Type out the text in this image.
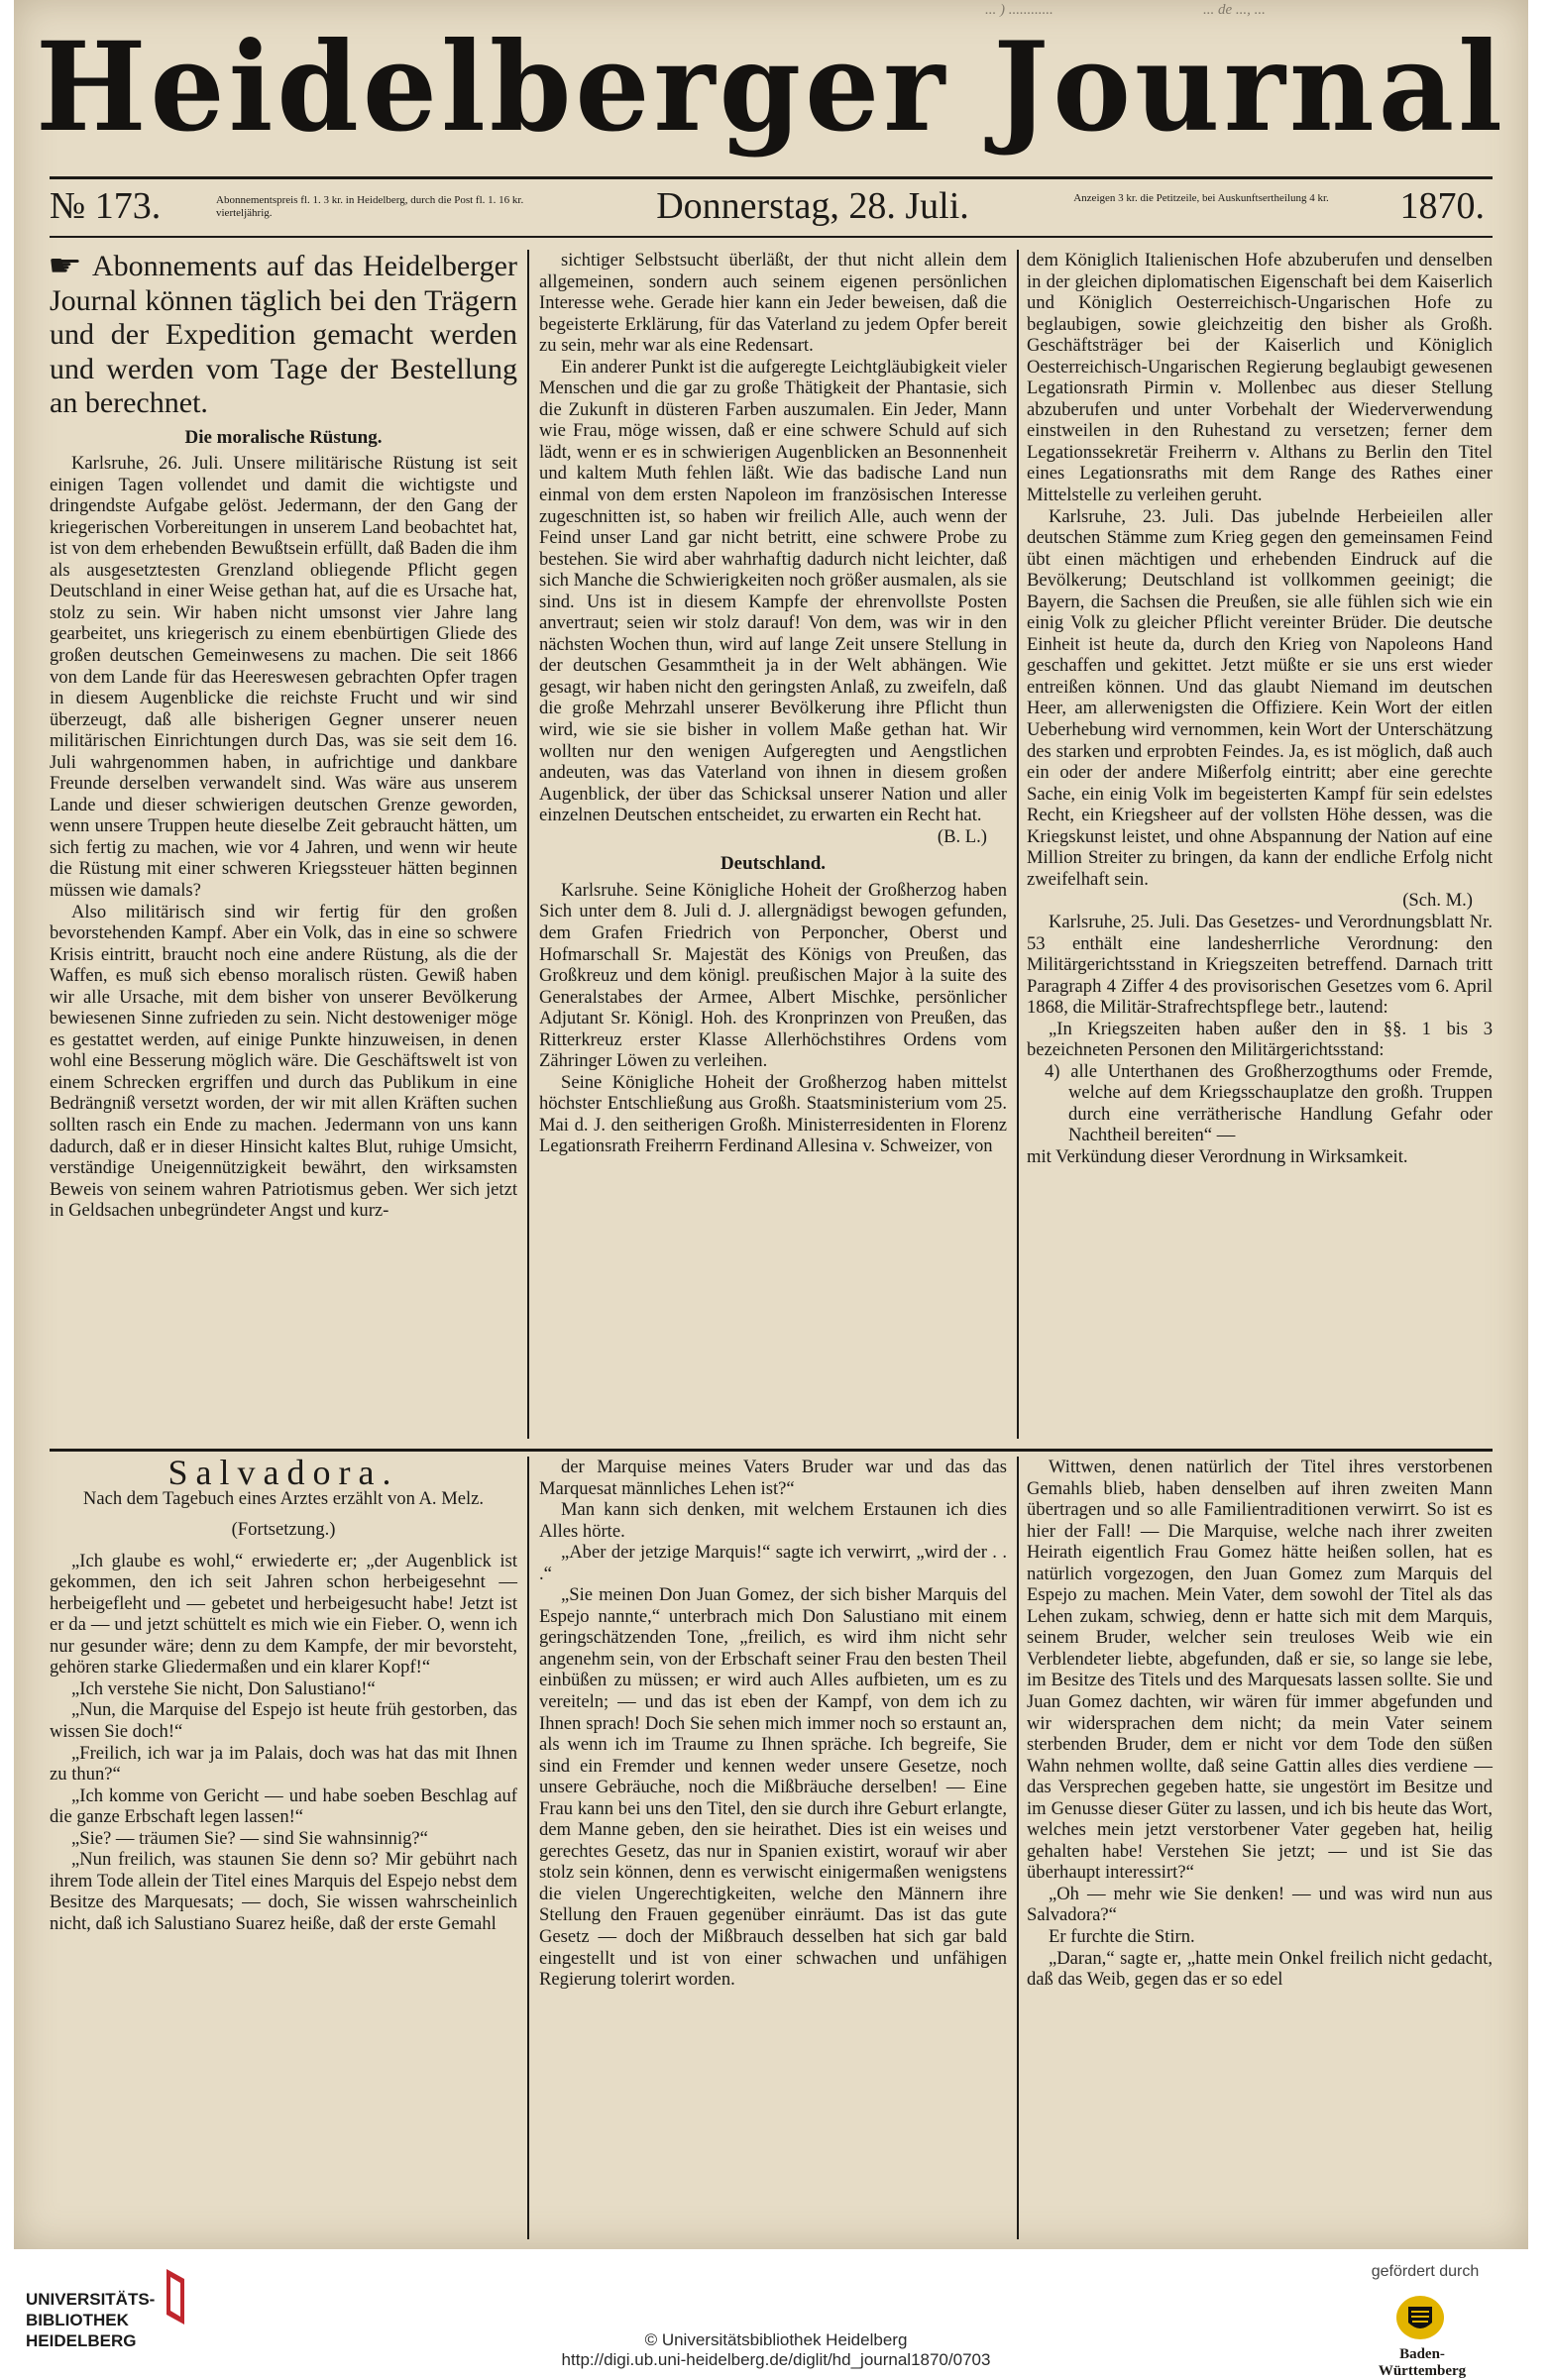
... ) ............	... de ..., ...
Heidelberger Journal
№ 173.	Abonnementspreis fl. 1. 3 kr. in Heidelberg, durch die Post fl. 1. 16 kr. vierteljährig.	Donnerstag, 28. Juli.	Anzeigen 3 kr. die Petitzeile, bei Auskunftsertheilung 4 kr.	1870.

☛ Abonnements auf das Heidelberger Journal können täglich bei den Trägern und der Expedition gemacht werden und werden vom Tage der Bestellung an berechnet.

Die moralische Rüstung.

Karlsruhe, 26. Juli. Unsere militärische Rüstung ist seit einigen Tagen vollendet und damit die wichtigste und dringendste Aufgabe gelöst. Jedermann, der den Gang der kriegerischen Vorbereitungen in unserem Land beobachtet hat, ist von dem erhebenden Bewußtsein erfüllt, daß Baden die ihm als ausgesetztesten Grenzland obliegende Pflicht gegen Deutschland in einer Weise gethan hat, auf die es Ursache hat, stolz zu sein. Wir haben nicht umsonst vier Jahre lang gearbeitet, uns kriegerisch zu einem ebenbürtigen Gliede des großen deutschen Gemeinwesens zu machen. Die seit 1866 von dem Lande für das Heereswesen gebrachten Opfer tragen in diesem Augenblicke die reichste Frucht und wir sind überzeugt, daß alle bisherigen Gegner unserer neuen militärischen Einrichtungen durch Das, was sie seit dem 16. Juli wahrgenommen haben, in aufrichtige und dankbare Freunde derselben verwandelt sind. Was wäre aus unserem Lande und dieser schwierigen deutschen Grenze geworden, wenn unsere Truppen heute dieselbe Zeit gebraucht hätten, um sich fertig zu machen, wie vor 4 Jahren, und wenn wir heute die Rüstung mit einer schweren Kriegssteuer hätten beginnen müssen wie damals?

Also militärisch sind wir fertig für den großen bevorstehenden Kampf. Aber ein Volk, das in eine so schwere Krisis eintritt, braucht noch eine andere Rüstung, als die der Waffen, es muß sich ebenso moralisch rüsten. Gewiß haben wir alle Ursache, mit dem bisher von unserer Bevölkerung bewiesenen Sinne zufrieden zu sein. Nicht destoweniger möge es gestattet werden, auf einige Punkte hinzuweisen, in denen wohl eine Besserung möglich wäre. Die Geschäftswelt ist von einem Schrecken ergriffen und durch das Publikum in eine Bedrängniß versetzt worden, der wir mit allen Kräften suchen sollten rasch ein Ende zu machen. Jedermann von uns kann dadurch, daß er in dieser Hinsicht kaltes Blut, ruhige Umsicht, verständige Uneigennützigkeit bewährt, den wirksamsten Beweis von seinem wahren Patriotismus geben. Wer sich jetzt in Geldsachen unbegründeter Angst und kurz-

sichtiger Selbstsucht überläßt, der thut nicht allein dem allgemeinen, sondern auch seinem eigenen persönlichen Interesse wehe. Gerade hier kann ein Jeder beweisen, daß die begeisterte Erklärung, für das Vaterland zu jedem Opfer bereit zu sein, mehr war als eine Redensart.

Ein anderer Punkt ist die aufgeregte Leichtgläubigkeit vieler Menschen und die gar zu große Thätigkeit der Phantasie, sich die Zukunft in düsteren Farben auszumalen. Ein Jeder, Mann wie Frau, möge wissen, daß er eine schwere Schuld auf sich lädt, wenn er es in schwierigen Augenblicken an Besonnenheit und kaltem Muth fehlen läßt. Wie das badische Land nun einmal von dem ersten Napoleon im französischen Interesse zugeschnitten ist, so haben wir freilich Alle, auch wenn der Feind unser Land gar nicht betritt, eine schwere Probe zu bestehen. Sie wird aber wahrhaftig dadurch nicht leichter, daß sich Manche die Schwierigkeiten noch größer ausmalen, als sie sind. Uns ist in diesem Kampfe der ehrenvollste Posten anvertraut; seien wir stolz darauf! Von dem, was wir in den nächsten Wochen thun, wird auf lange Zeit unsere Stellung in der deutschen Gesammtheit ja in der Welt abhängen. Wie gesagt, wir haben nicht den geringsten Anlaß, zu zweifeln, daß die große Mehrzahl unserer Bevölkerung ihre Pflicht thun wird, wie sie sie bisher in vollem Maße gethan hat. Wir wollten nur den wenigen Aufgeregten und Aengstlichen andeuten, was das Vaterland von ihnen in diesem großen Augenblick, der über das Schicksal unserer Nation und aller einzelnen Deutschen entscheidet, zu erwarten ein Recht hat.

(B. L.)

Deutschland.

Karlsruhe. Seine Königliche Hoheit der Großherzog haben Sich unter dem 8. Juli d. J. allergnädigst bewogen gefunden, dem Grafen Friedrich von Perponcher, Oberst und Hofmarschall Sr. Majestät des Königs von Preußen, das Großkreuz und dem königl. preußischen Major à la suite des Generalstabes der Armee, Albert Mischke, persönlicher Adjutant Sr. Königl. Hoh. des Kronprinzen von Preußen, das Ritterkreuz erster Klasse Allerhöchstihres Ordens vom Zähringer Löwen zu verleihen.

Seine Königliche Hoheit der Großherzog haben mittelst höchster Entschließung aus Großh. Staatsministerium vom 25. Mai d. J. den seitherigen Großh. Ministerresidenten in Florenz Legationsrath Freiherrn Ferdinand Allesina v. Schweizer, von

dem Königlich Italienischen Hofe abzuberufen und denselben in der gleichen diplomatischen Eigenschaft bei dem Kaiserlich und Königlich Oesterreichisch-Ungarischen Hofe zu beglaubigen, sowie gleichzeitig den bisher als Großh. Geschäftsträger bei der Kaiserlich und Königlich Oesterreichisch-Ungarischen Regierung beglaubigt gewesenen Legationsrath Pirmin v. Mollenbec aus dieser Stellung abzuberufen und unter Vorbehalt der Wiederverwendung einstweilen in den Ruhestand zu versetzen; ferner dem Legationssekretär Freiherrn v. Althans zu Berlin den Titel eines Legationsraths mit dem Range des Rathes einer Mittelstelle zu verleihen geruht.

Karlsruhe, 23. Juli. Das jubelnde Herbeieilen aller deutschen Stämme zum Krieg gegen den gemeinsamen Feind übt einen mächtigen und erhebenden Eindruck auf die Bevölkerung; Deutschland ist vollkommen geeinigt; die Bayern, die Sachsen die Preußen, sie alle fühlen sich wie ein einig Volk zu gleicher Pflicht vereinter Brüder. Die deutsche Einheit ist heute da, durch den Krieg von Napoleons Hand geschaffen und gekittet. Jetzt müßte er sie uns erst wieder entreißen können. Und das glaubt Niemand im deutschen Heer, am allerwenigsten die Offiziere. Kein Wort der eitlen Ueberhebung wird vernommen, kein Wort der Unterschätzung des starken und erprobten Feindes. Ja, es ist möglich, daß auch ein oder der andere Mißerfolg eintritt; aber eine gerechte Sache, ein einig Volk im begeisterten Kampf für sein edelstes Recht, ein Kriegsheer auf der vollsten Höhe dessen, was die Kriegskunst leistet, und ohne Abspannung der Nation auf eine Million Streiter zu bringen, da kann der endliche Erfolg nicht zweifelhaft sein.

(Sch. M.)

Karlsruhe, 25. Juli. Das Gesetzes- und Verordnungsblatt Nr. 53 enthält eine landesherrliche Verordnung: den Militärgerichtsstand in Kriegszeiten betreffend. Darnach tritt Paragraph 4 Ziffer 4 des provisorischen Gesetzes vom 6. April 1868, die Militär-Strafrechtspflege betr., lautend:

„In Kriegszeiten haben außer den in §§. 1 bis 3 bezeichneten Personen den Militärgerichtsstand:

4) alle Unterthanen des Großherzogthums oder Fremde, welche auf dem Kriegsschauplatze den großh. Truppen durch eine verrätherische Handlung Gefahr oder Nachtheil bereiten“ —

mit Verkündung dieser Verordnung in Wirksamkeit.

Salvadora.
Nach dem Tagebuch eines Arztes erzählt von A. Melz.
(Fortsetzung.)

„Ich glaube es wohl,“ erwiederte er; „der Augenblick ist gekommen, den ich seit Jahren schon herbeigesehnt — herbeigefleht und — gebetet und herbeigesucht habe! Jetzt ist er da — und jetzt schüttelt es mich wie ein Fieber. O, wenn ich nur gesunder wäre; denn zu dem Kampfe, der mir bevorsteht, gehören starke Gliedermaßen und ein klarer Kopf!“

„Ich verstehe Sie nicht, Don Salustiano!“

„Nun, die Marquise del Espejo ist heute früh gestorben, das wissen Sie doch!“

„Freilich, ich war ja im Palais, doch was hat das mit Ihnen zu thun?“

„Ich komme von Gericht — und habe soeben Beschlag auf die ganze Erbschaft legen lassen!“

„Sie? — träumen Sie? — sind Sie wahnsinnig?“

„Nun freilich, was staunen Sie denn so? Mir gebührt nach ihrem Tode allein der Titel eines Marquis del Espejo nebst dem Besitze des Marquesats; — doch, Sie wissen wahrscheinlich nicht, daß ich Salustiano Suarez heiße, daß der erste Gemahl

der Marquise meines Vaters Bruder war und das das Marquesat männliches Lehen ist?“

Man kann sich denken, mit welchem Erstaunen ich dies Alles hörte.

„Aber der jetzige Marquis!“ sagte ich verwirrt, „wird der . . .“

„Sie meinen Don Juan Gomez, der sich bisher Marquis del Espejo nannte,“ unterbrach mich Don Salustiano mit einem geringschätzenden Tone, „freilich, es wird ihm nicht sehr angenehm sein, von der Erbschaft seiner Frau den besten Theil einbüßen zu müssen; er wird auch Alles aufbieten, um es zu vereiteln; — und das ist eben der Kampf, von dem ich zu Ihnen sprach! Doch Sie sehen mich immer noch so erstaunt an, als wenn ich im Traume zu Ihnen spräche. Ich begreife, Sie sind ein Fremder und kennen weder unsere Gesetze, noch unsere Gebräuche, noch die Mißbräuche derselben! — Eine Frau kann bei uns den Titel, den sie durch ihre Geburt erlangte, dem Manne geben, den sie heirathet. Dies ist ein weises und gerechtes Gesetz, das nur in Spanien existirt, worauf wir aber stolz sein können, denn es verwischt einigermaßen wenigstens die vielen Ungerechtigkeiten, welche den Männern ihre Stellung den Frauen gegenüber einräumt. Das ist das gute Gesetz — doch der Mißbrauch desselben hat sich gar bald eingestellt und ist von einer schwachen und unfähigen Regierung tolerirt worden.

Wittwen, denen natürlich der Titel ihres verstorbenen Gemahls blieb, haben denselben auf ihren zweiten Mann übertragen und so alle Familientraditionen verwirrt. So ist es hier der Fall! — Die Marquise, welche nach ihrer zweiten Heirath eigentlich Frau Gomez hätte heißen sollen, hat es natürlich vorgezogen, den Juan Gomez zum Marquis del Espejo zu machen. Mein Vater, dem sowohl der Titel als das Lehen zukam, schwieg, denn er hatte sich mit dem Marquis, seinem Bruder, welcher sein treuloses Weib wie ein Verblendeter liebte, abgefunden, daß er sie, so lange sie lebe, im Besitze des Titels und des Marquesats lassen sollte. Sie und Juan Gomez dachten, wir wären für immer abgefunden und wir widersprachen dem nicht; da mein Vater seinem sterbenden Bruder, dem er nicht vor dem Tode den süßen Wahn nehmen wollte, daß seine Gattin alles dies verdiene — das Versprechen gegeben hatte, sie ungestört im Besitze und im Genusse dieser Güter zu lassen, und ich bis heute das Wort, welches mein jetzt verstorbener Vater gegeben hat, heilig gehalten habe! Verstehen Sie jetzt; — und ist Sie das überhaupt interessirt?“

„Oh — mehr wie Sie denken! — und was wird nun aus Salvadora?“

Er furchte die Stirn.

„Daran,“ sagte er, „hatte mein Onkel freilich nicht gedacht, daß das Weib, gegen das er so edel

UNIVERSITÄTS-
BIBLIOTHEK
HEIDELBERG	© Universitätsbibliothek Heidelberg
http://digi.ub.uni-heidelberg.de/diglit/hd_journal1870/0703
gefördert durch
Baden-Württemberg
